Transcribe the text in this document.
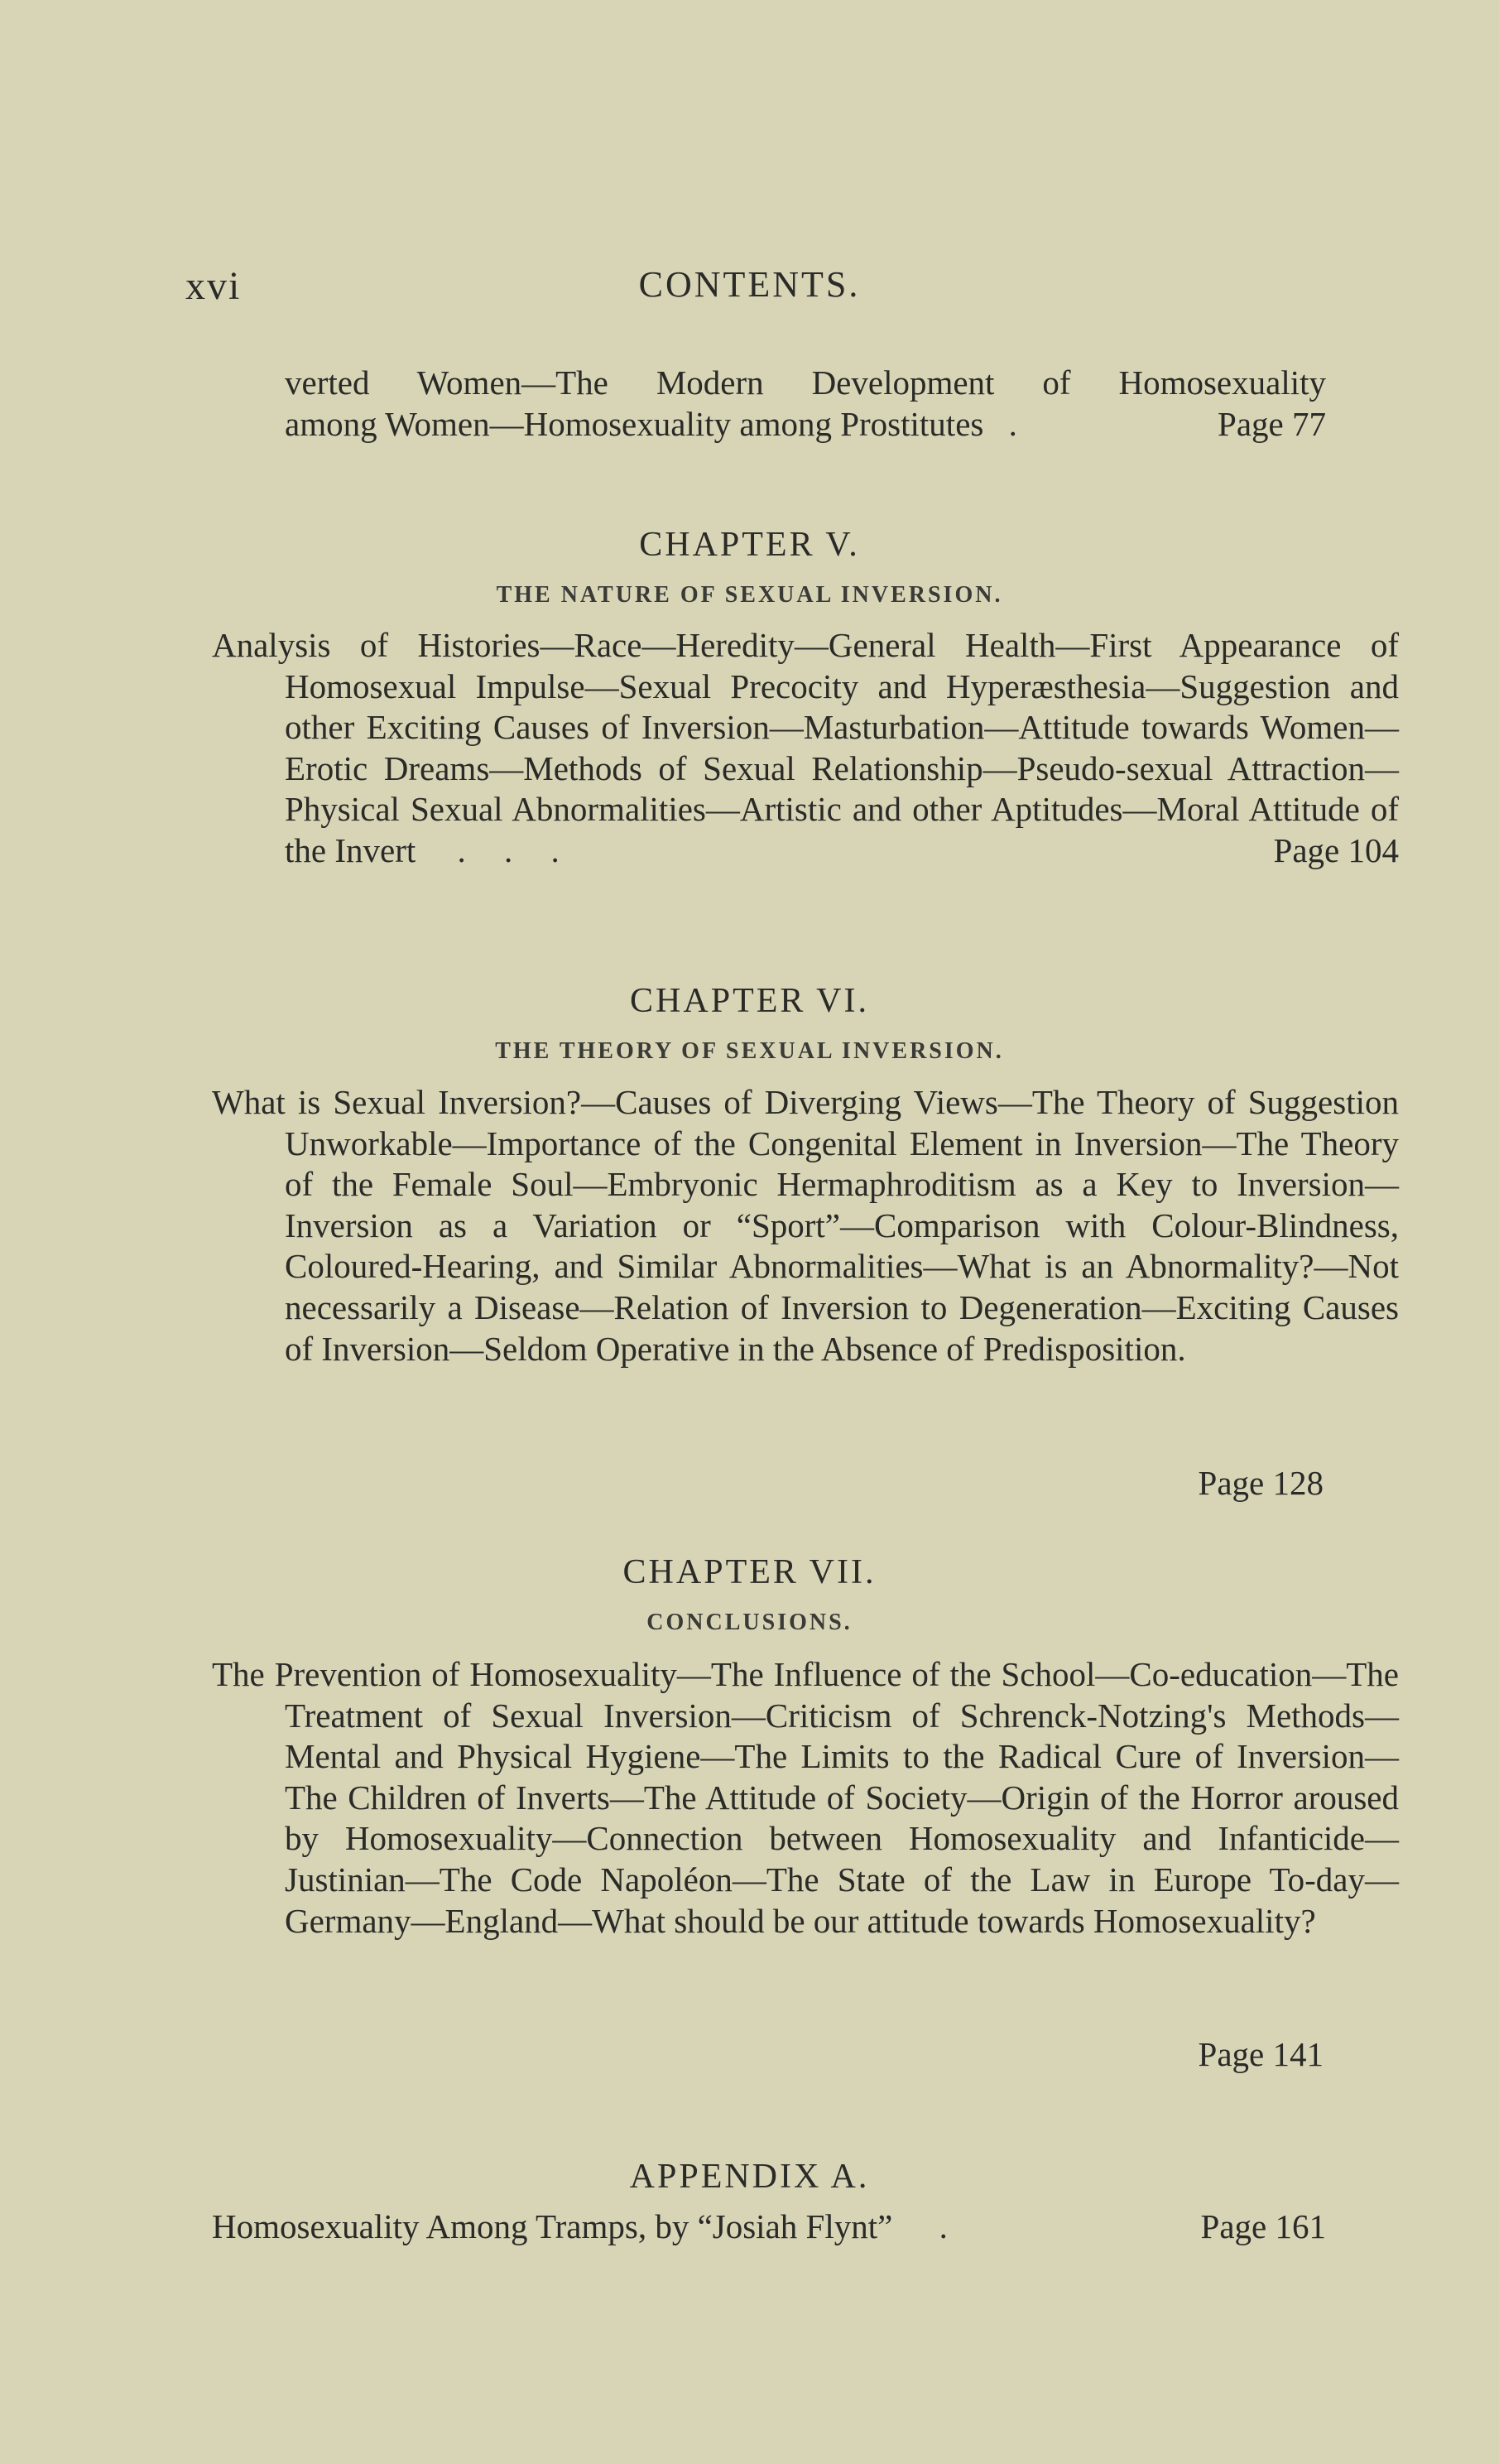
xvi	CONTENTS.
verted Women—The Modern Development of Homosexuality
among Women—Homosexuality among Prostitutes .	Page 77
CHAPTER V.
THE NATURE OF SEXUAL INVERSION.
Analysis of Histories—Race—Heredity—General Health—First Appearance of Homosexual Impulse—Sexual Precocity and Hyperæsthesia—Suggestion and other Exciting Causes of Inversion—Masturbation—Attitude towards Women—Erotic Dreams—Methods of Sexual Relationship—Pseudo-sexual Attraction—Physical Sexual Abnormalities—Artistic and other Aptitudes—Moral Attitude of the Invert . . .	Page 104
CHAPTER VI.
THE THEORY OF SEXUAL INVERSION.
What is Sexual Inversion?—Causes of Diverging Views—The Theory of Suggestion Unworkable—Importance of the Congenital Element in Inversion—The Theory of the Female Soul—Embryonic Hermaphroditism as a Key to Inversion—Inversion as a Variation or “Sport”—Comparison with Colour-Blindness, Coloured-Hearing, and Similar Abnormalities—What is an Abnormality?—Not necessarily a Disease—Relation of Inversion to Degeneration—Exciting Causes of Inversion—Seldom Operative in the Absence of Predisposition.
Page 128
CHAPTER VII.
CONCLUSIONS.
The Prevention of Homosexuality—The Influence of the School—Co-education—The Treatment of Sexual Inversion—Criticism of Schrenck-Notzing's Methods—Mental and Physical Hygiene—The Limits to the Radical Cure of Inversion—The Children of Inverts—The Attitude of Society—Origin of the Horror aroused by Homosexuality—Connection between Homosexuality and Infanticide—Justinian—The Code Napoléon—The State of the Law in Europe To-day—Germany—England—What should be our attitude towards Homosexuality?
Page 141
APPENDIX A.
Homosexuality Among Tramps, by “Josiah Flynt” .	Page 161
